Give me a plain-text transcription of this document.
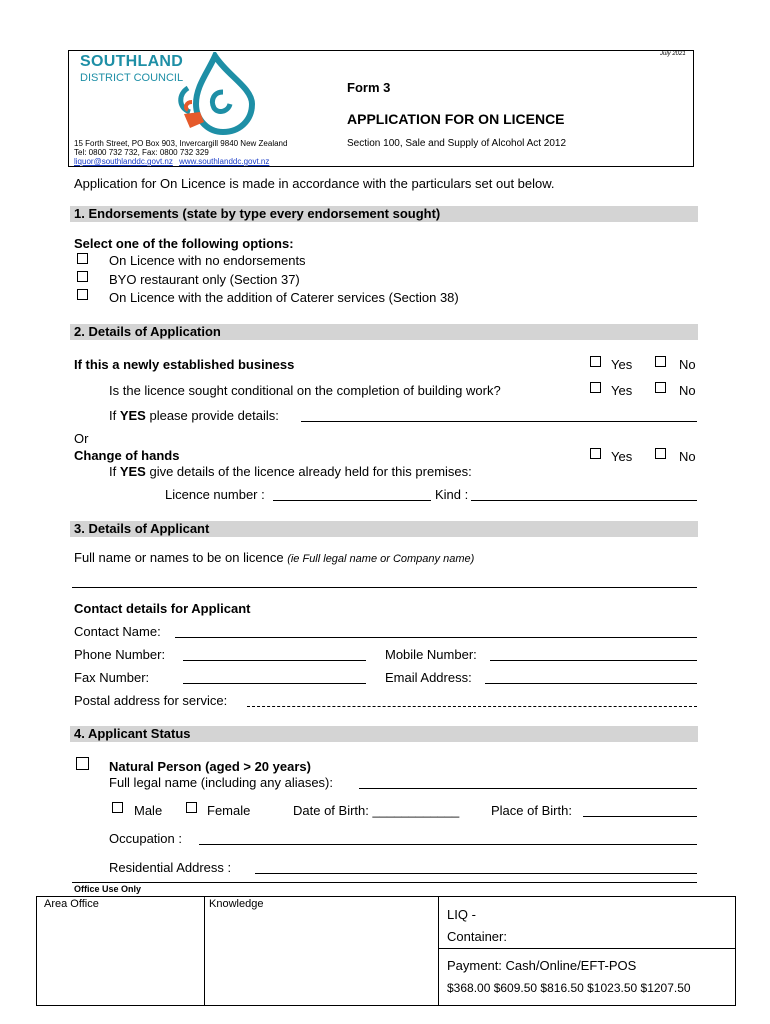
July 2021
SOUTHLAND
DISTRICT COUNCIL
15 Forth Street, PO Box 903, Invercargill 9840 New Zealand
Tel: 0800 732 732, Fax: 0800 732 329
liquor@southlanddc.govt.nz www.southlanddc.govt.nz
Form 3
APPLICATION FOR ON LICENCE
Section 100, Sale and Supply of Alcohol Act 2012
Application for On Licence is made in accordance with the particulars set out below.
1. Endorsements (state by type every endorsement sought)
Select one of the following options:
On Licence with no endorsements
BYO restaurant only (Section 37)
On Licence with the addition of Caterer services (Section 38)
2. Details of Application
If this a newly established business	Yes	No
Is the licence sought conditional on the completion of building work?	Yes	No
If YES please provide details:
Or
Change of hands	Yes	No
If YES give details of the licence already held for this premises:
Licence number :	Kind :
3. Details of Applicant
Full name or names to be on licence (ie Full legal name or Company name)
Contact details for Applicant
Contact Name:
Phone Number:	Mobile Number:
Fax Number:	Email Address:
Postal address for service:
4. Applicant Status
Natural Person (aged > 20 years)
Full legal name (including any aliases):
Male	Female	Date of Birth: ____________ Place of Birth:
Occupation :
Residential Address :
Office Use Only
Area Office	Knowledge
LIQ -
Container:
Payment: Cash/Online/EFT-POS
$368.00 $609.50 $816.50 $1023.50 $1207.50
